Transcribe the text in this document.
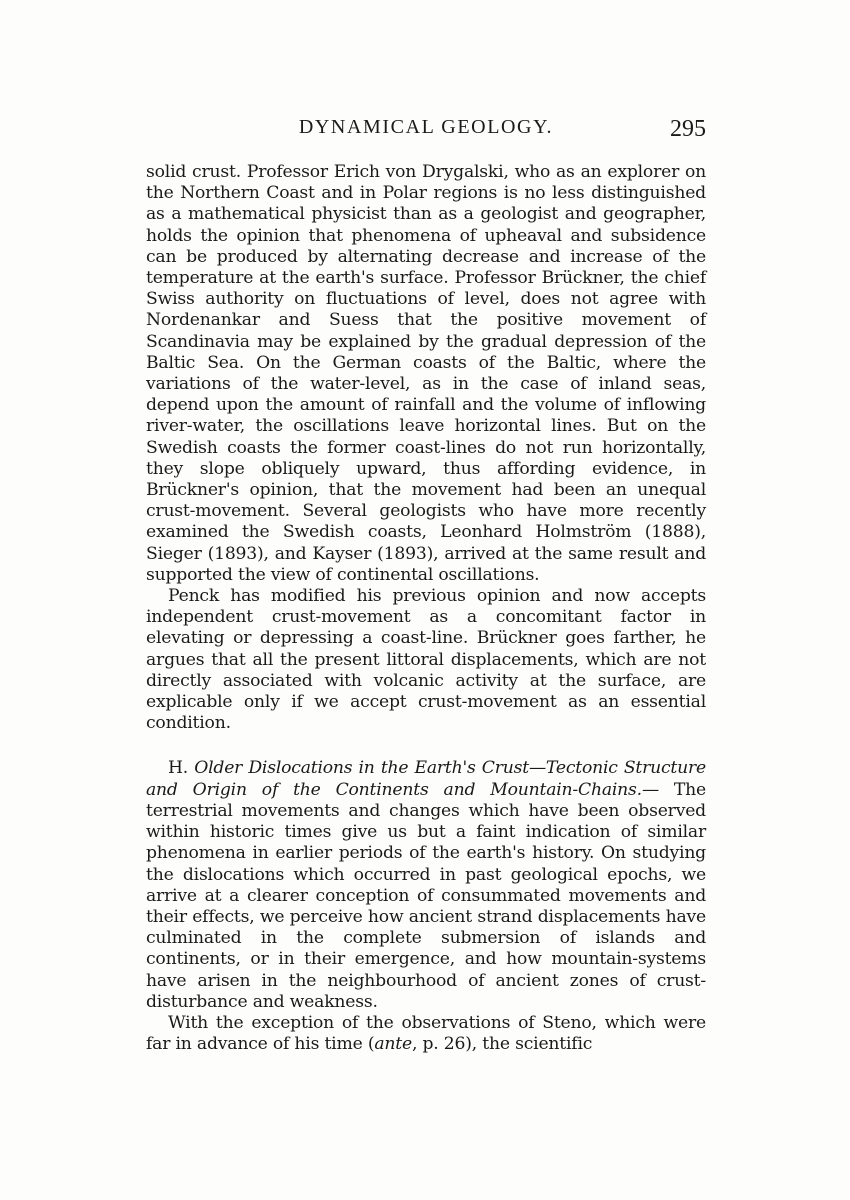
DYNAMICAL GEOLOGY.	295

solid crust. Professor Erich von Drygalski, who as an explorer on the Northern Coast and in Polar regions is no less distinguished as a mathematical physicist than as a geologist and geographer, holds the opinion that phenomena of upheaval and subsidence can be produced by alternating decrease and increase of the temperature at the earth's surface. Professor Brückner, the chief Swiss authority on fluctuations of level, does not agree with Nordenankar and Suess that the positive movement of Scandinavia may be explained by the gradual depression of the Baltic Sea. On the German coasts of the Baltic, where the variations of the water-level, as in the case of inland seas, depend upon the amount of rainfall and the volume of inflowing river-water, the oscillations leave horizontal lines. But on the Swedish coasts the former coast-lines do not run horizontally, they slope obliquely upward, thus affording evidence, in Brückner's opinion, that the movement had been an unequal crust-movement. Several geologists who have more recently examined the Swedish coasts, Leonhard Holmström (1888), Sieger (1893), and Kayser (1893), arrived at the same result and supported the view of continental oscillations.

Penck has modified his previous opinion and now accepts independent crust-movement as a concomitant factor in elevating or depressing a coast-line. Brückner goes farther, he argues that all the present littoral displacements, which are not directly associated with volcanic activity at the surface, are explicable only if we accept crust-movement as an essential condition.

H. Older Dislocations in the Earth's Crust—Tectonic Structure and Origin of the Continents and Mountain-Chains.— The terrestrial movements and changes which have been observed within historic times give us but a faint indication of similar phenomena in earlier periods of the earth's history. On studying the dislocations which occurred in past geological epochs, we arrive at a clearer conception of consummated movements and their effects, we perceive how ancient strand displacements have culminated in the complete submersion of islands and continents, or in their emergence, and how mountain-systems have arisen in the neighbourhood of ancient zones of crust-disturbance and weakness.

With the exception of the observations of Steno, which were far in advance of his time (ante, p. 26), the scientific
